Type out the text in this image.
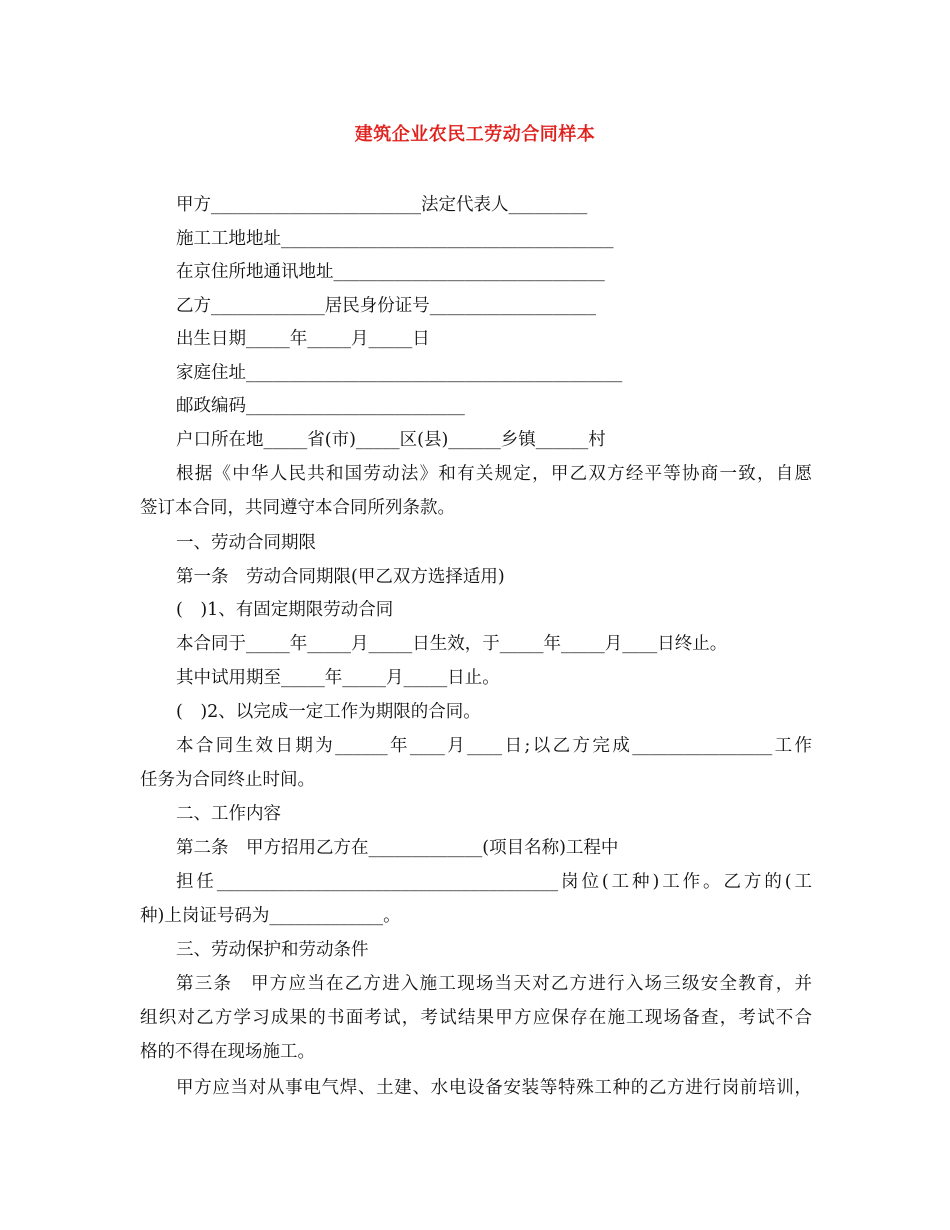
建筑企业农民工劳动合同样本
甲方________________________法定代表人_________
施工工地地址______________________________________
在京住所地通讯地址_______________________________
乙方_____________居民身份证号___________________
出生日期_____年_____月_____日
家庭住址___________________________________________
邮政编码_________________________
户口所在地_____省(市)_____区(县)______乡镇______村
根据《中华人民共和国劳动法》和有关规定，甲乙双方经平等协商一致，自愿
签订本合同，共同遵守本合同所列条款。
一、劳动合同期限
第一条　劳动合同期限(甲乙双方选择适用)
(　)1、有固定期限劳动合同
本合同于_____年_____月_____日生效，于_____年_____月____日终止。
其中试用期至_____年_____月_____日止。
(　)2、以完成一定工作为期限的合同。
本合同生效日期为______年____月____日;以乙方完成________________工作
任务为合同终止时间。
二、工作内容
第二条　甲方招用乙方在_____________(项目名称)工程中
担任_______________________________________岗位(工种)工作。乙方的(工
种)上岗证号码为_____________。
三、劳动保护和劳动条件
第三条　甲方应当在乙方进入施工现场当天对乙方进行入场三级安全教育，并
组织对乙方学习成果的书面考试，考试结果甲方应保存在施工现场备查，考试不合
格的不得在现场施工。
甲方应当对从事电气焊、土建、水电设备安装等特殊工种的乙方进行岗前培训，
